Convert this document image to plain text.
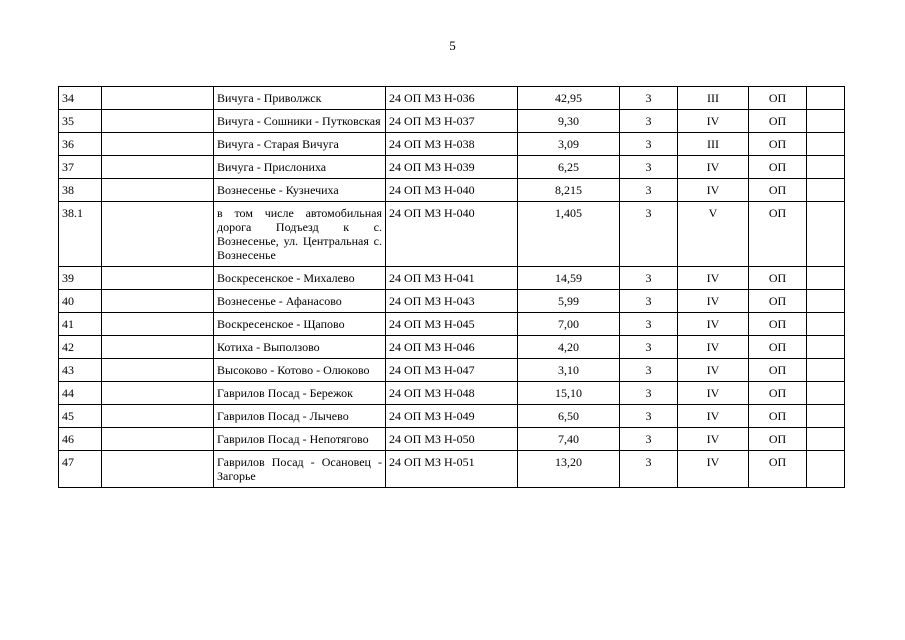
5
34		Вичуга - Приволжск	24 ОП МЗ Н-036	42,95	3	III	ОП	
35		Вичуга - Сошники - Путковская	24 ОП МЗ Н-037	9,30	3	IV	ОП	
36		Вичуга - Старая Вичуга	24 ОП МЗ Н-038	3,09	3	III	ОП	
37		Вичуга - Прислониха	24 ОП МЗ Н-039	6,25	3	IV	ОП	
38		Вознесенье - Кузнечиха	24 ОП МЗ Н-040	8,215	3	IV	ОП	
38.1		в том числе автомобильная дорога Подъезд к с. Вознесенье, ул. Центральная с. Вознесенье	24 ОП МЗ Н-040	1,405	3	V	ОП	
39		Воскресенское - Михалево	24 ОП МЗ Н-041	14,59	3	IV	ОП	
40		Вознесенье - Афанасово	24 ОП МЗ Н-043	5,99	3	IV	ОП	
41		Воскресенское - Щапово	24 ОП МЗ Н-045	7,00	3	IV	ОП	
42		Котиха - Выползово	24 ОП МЗ Н-046	4,20	3	IV	ОП	
43		Высоково - Котово - Олюково	24 ОП МЗ Н-047	3,10	3	IV	ОП	
44		Гаврилов Посад - Бережок	24 ОП МЗ Н-048	15,10	3	IV	ОП	
45		Гаврилов Посад - Лычево	24 ОП МЗ Н-049	6,50	3	IV	ОП	
46		Гаврилов Посад - Непотягово	24 ОП МЗ Н-050	7,40	3	IV	ОП	
47		Гаврилов Посад - Осановец - Загорье	24 ОП МЗ Н-051	13,20	3	IV	ОП	
